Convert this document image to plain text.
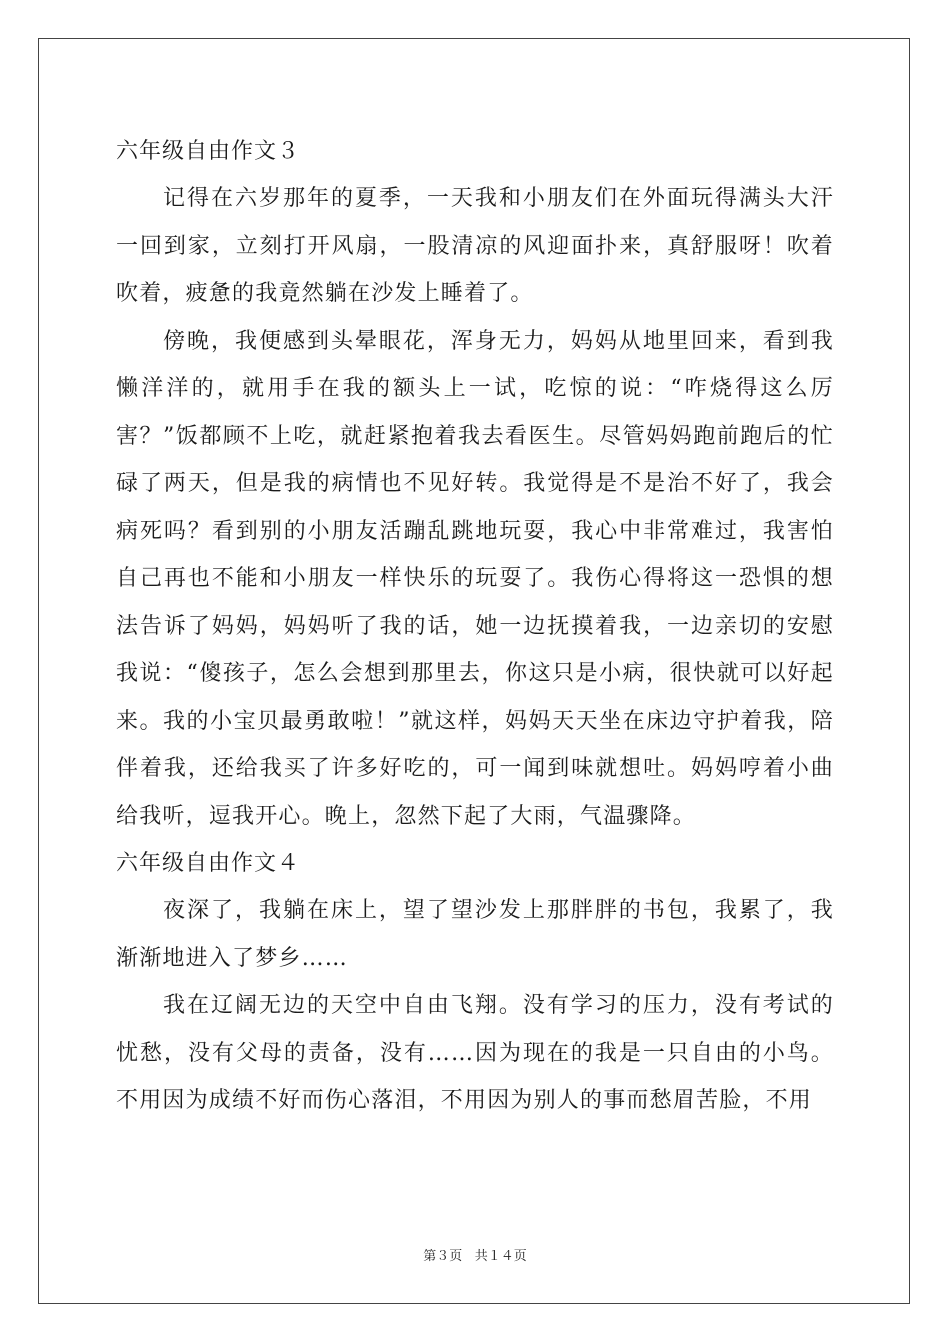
六年级自由作文３

记得在六岁那年的夏季，一天我和小朋友们在外面玩得满头大汗一回到家，立刻打开风扇，一股清凉的风迎面扑来，真舒服呀！吹着吹着，疲惫的我竟然躺在沙发上睡着了。

傍晚，我便感到头晕眼花，浑身无力，妈妈从地里回来，看到我懒洋洋的，就用手在我的额头上一试，吃惊的说：“咋烧得这么厉害？”饭都顾不上吃，就赶紧抱着我去看医生。尽管妈妈跑前跑后的忙碌了两天，但是我的病情也不见好转。我觉得是不是治不好了，我会病死吗？看到别的小朋友活蹦乱跳地玩耍，我心中非常难过，我害怕自己再也不能和小朋友一样快乐的玩耍了。我伤心得将这一恐惧的想法告诉了妈妈，妈妈听了我的话，她一边抚摸着我，一边亲切的安慰我说：“傻孩子，怎么会想到那里去，你这只是小病，很快就可以好起来。我的小宝贝最勇敢啦！”就这样，妈妈天天坐在床边守护着我，陪伴着我，还给我买了许多好吃的，可一闻到味就想吐。妈妈哼着小曲给我听，逗我开心。晚上，忽然下起了大雨，气温骤降。

六年级自由作文４

夜深了，我躺在床上，望了望沙发上那胖胖的书包，我累了，我渐渐地进入了梦乡……

我在辽阔无边的天空中自由飞翔。没有学习的压力，没有考试的忧愁，没有父母的责备，没有……因为现在的我是一只自由的小鸟。不用因为成绩不好而伤心落泪，不用因为别人的事而愁眉苦脸，不用

第３页 共１４页
